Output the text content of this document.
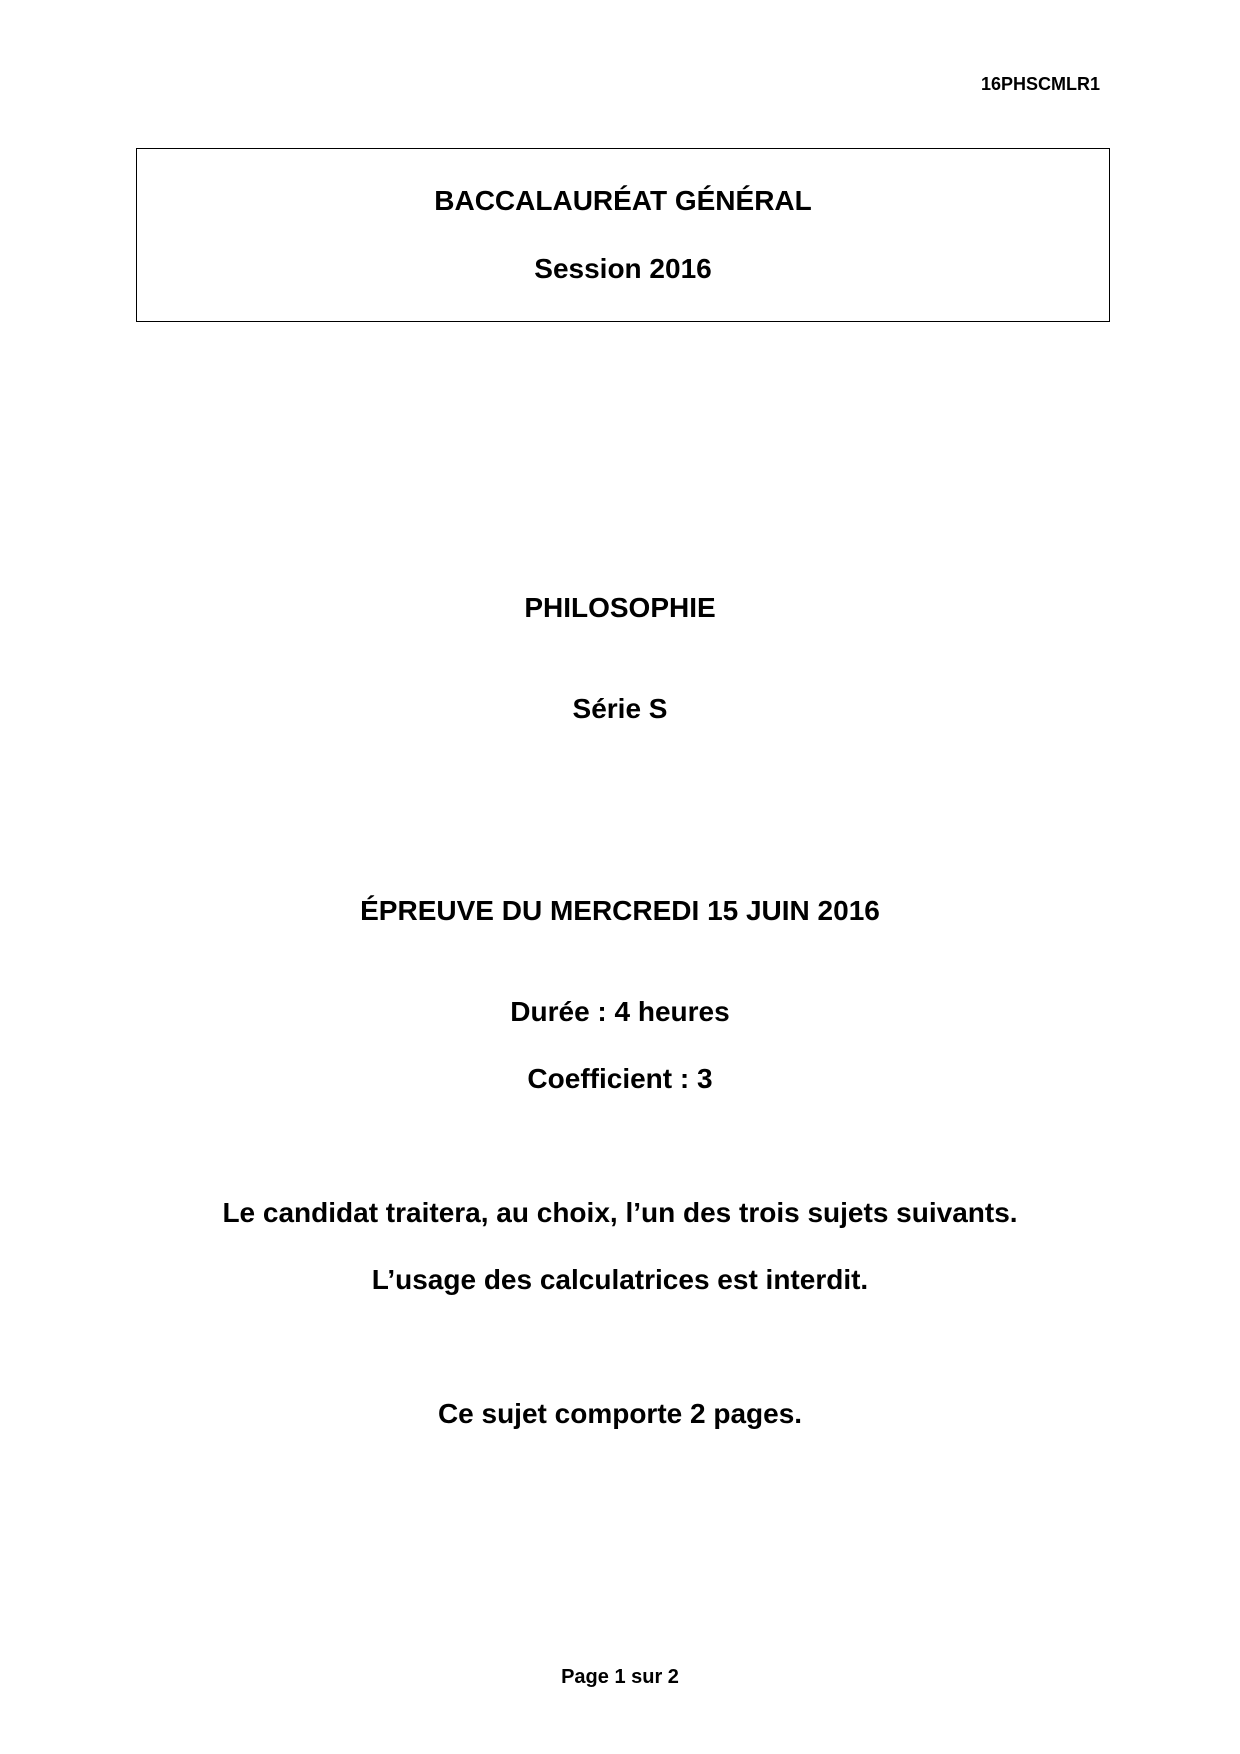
16PHSCMLR1
BACCALAURÉAT GÉNÉRAL
Session 2016
PHILOSOPHIE
Série S
ÉPREUVE DU MERCREDI 15 JUIN 2016
Durée : 4 heures
Coefficient : 3
Le candidat traitera, au choix, l’un des trois sujets suivants.
L’usage des calculatrices est interdit.
Ce sujet comporte 2 pages.
Page 1 sur 2
